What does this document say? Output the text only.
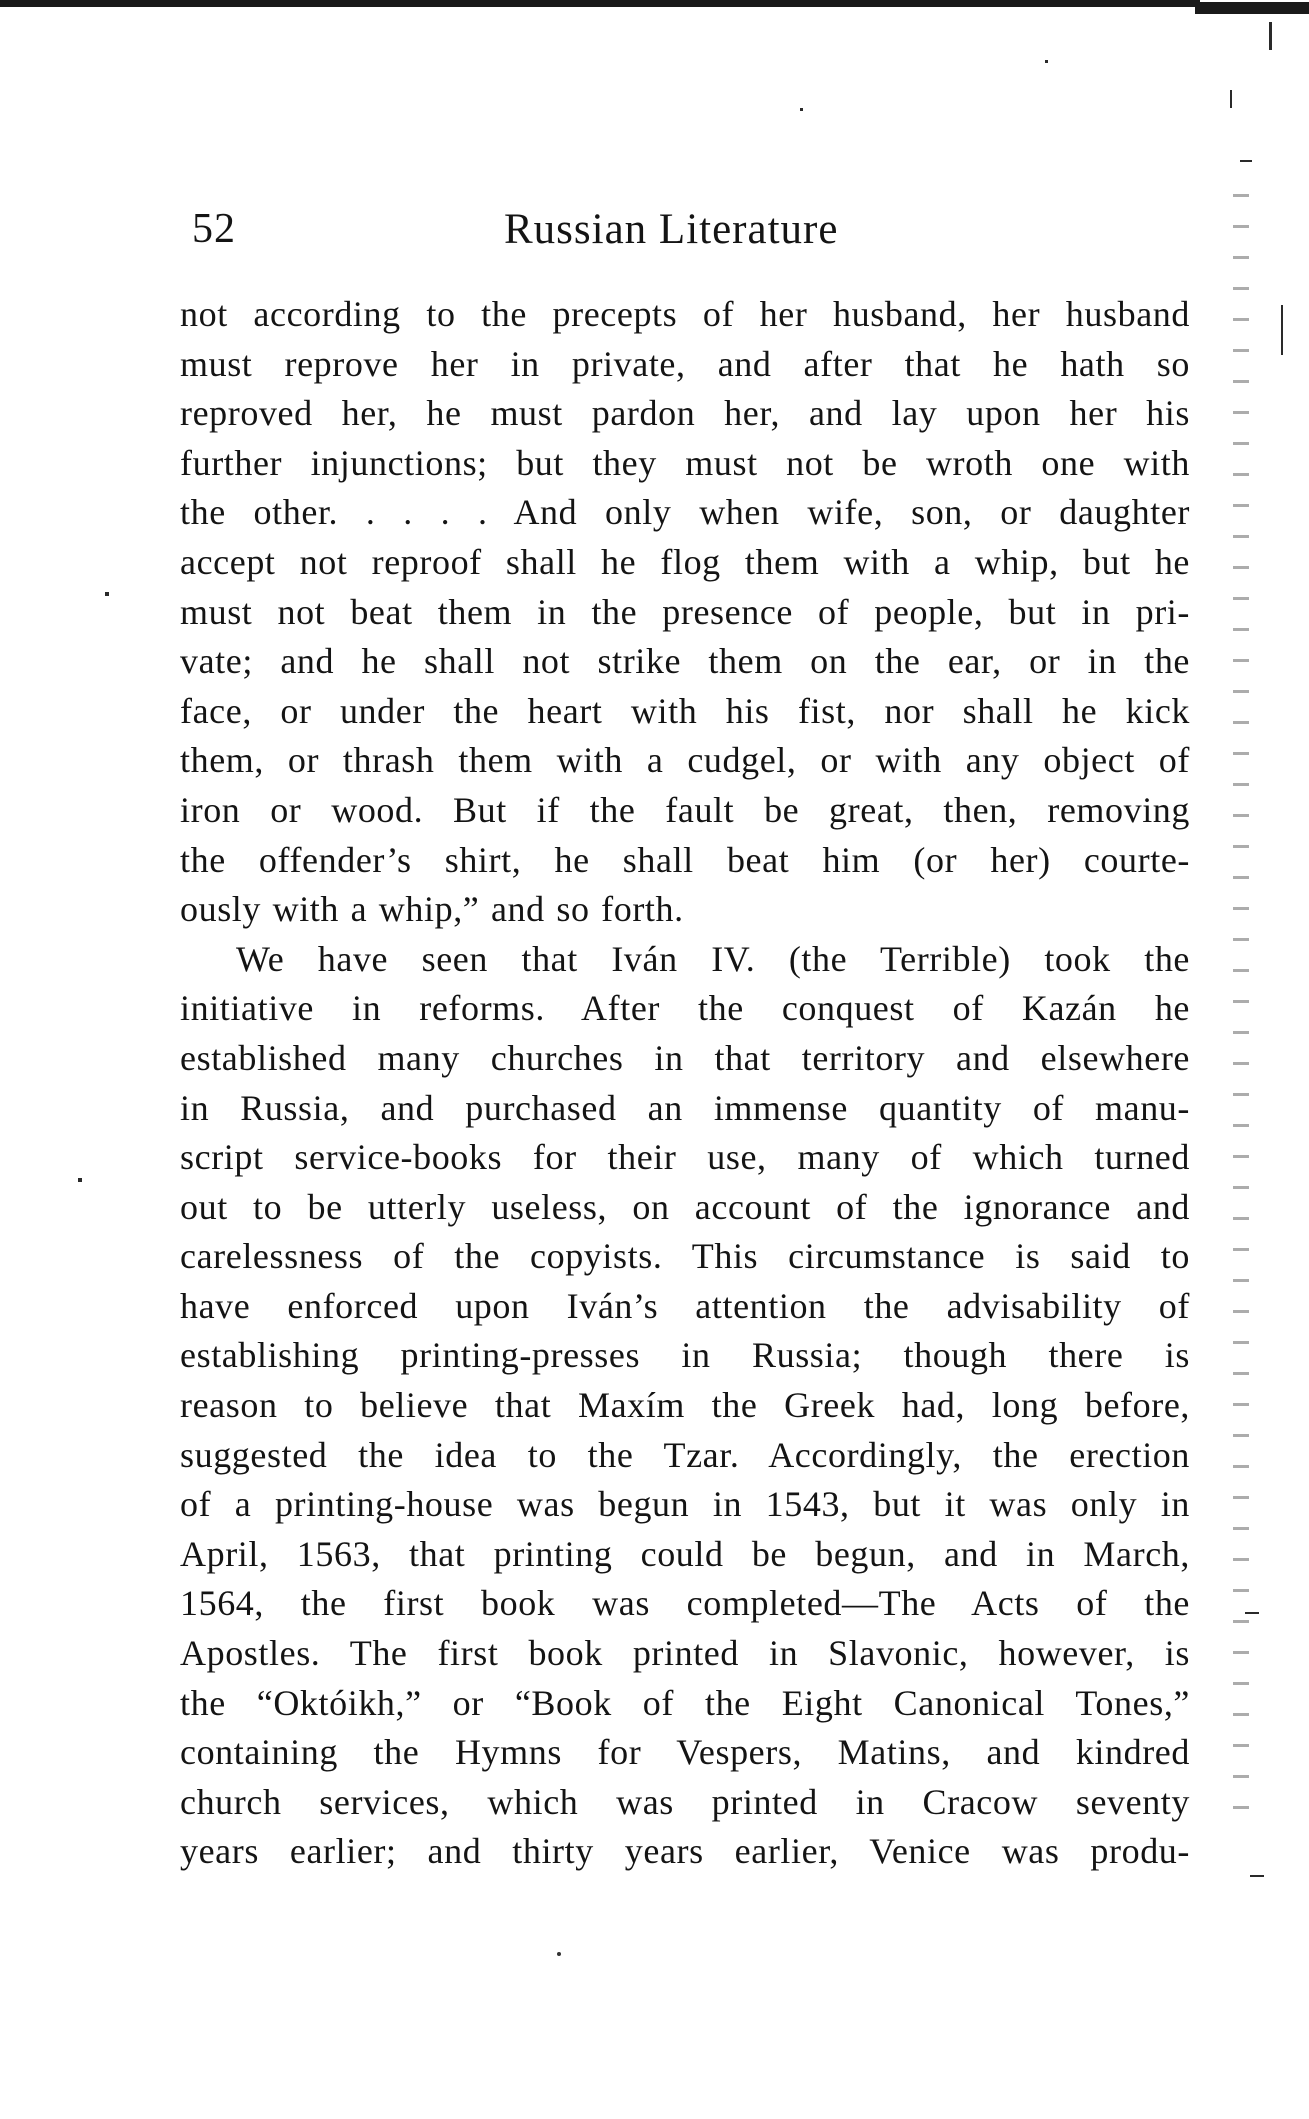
52	Russian Literature
not according to the precepts of her husband, her husband
must reprove her in private, and after that he hath so
reproved her, he must pardon her, and lay upon her his
further injunctions; but they must not be wroth one with
the other. . . . . And only when wife, son, or daughter
accept not reproof shall he flog them with a whip, but he
must not beat them in the presence of people, but in pri-
vate; and he shall not strike them on the ear, or in the
face, or under the heart with his fist, nor shall he kick
them, or thrash them with a cudgel, or with any object of
iron or wood. But if the fault be great, then, removing
the offender’s shirt, he shall beat him (or her) courte-
ously with a whip,” and so forth.
We have seen that Iván IV. (the Terrible) took the
initiative in reforms. After the conquest of Kazán he
established many churches in that territory and elsewhere
in Russia, and purchased an immense quantity of manu-
script service-books for their use, many of which turned
out to be utterly useless, on account of the ignorance and
carelessness of the copyists. This circumstance is said to
have enforced upon Iván’s attention the advisability of
establishing printing-presses in Russia; though there is
reason to believe that Maxím the Greek had, long before,
suggested the idea to the Tzar. Accordingly, the erection
of a printing-house was begun in 1543, but it was only in
April, 1563, that printing could be begun, and in March,
1564, the first book was completed—The Acts of the
Apostles. The first book printed in Slavonic, however, is
the “Októikh,” or “Book of the Eight Canonical Tones,”
containing the Hymns for Vespers, Matins, and kindred
church services, which was printed in Cracow seventy
years earlier; and thirty years earlier, Venice was produ-
